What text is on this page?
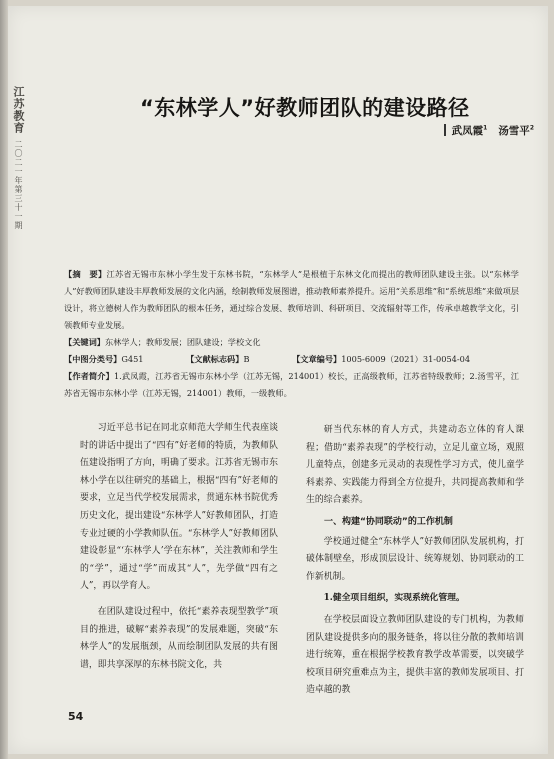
江苏教育
二〇二一年第三十一期
“东林学人”好教师团队的建设路径
武凤霞$^1$ 汤雪平$^2$

【摘　要】江苏省无锡市东林小学生发于东林书院，“东林学人”是根植于东林文化而提出的教师团队建设主张。以“东林学人”好教师团队建设丰厚教师发展的文化内涵，绘制教师发展图谱，推动教师素养提升。运用“关系思维”和“系统思维”来做项层设计，将立德树人作为教师团队的根本任务，通过综合发展、教师培训、科研项目、交流辐射等工作，传承卓越教学文化，引领教师专业发展。

【关键词】东林学人；教师发展；团队建设；学校文化

【中图分类号】G451	【文献标志码】B	【文章编号】1005-6009（2021）31-0054-04

【作者简介】1.武凤霞，江苏省无锡市东林小学（江苏无锡，214001）校长，正高级教师，江苏省特级教师；2.汤雪平，江苏省无锡市东林小学（江苏无锡，214001）教师，一级教师。

习近平总书记在同北京师范大学师生代表座谈时的讲话中提出了“四有”好老师的特质，为教师队伍建设指明了方向，明确了要求。江苏省无锡市东林小学在以往研究的基础上，根据“四有”好老师的要求，立足当代学校发展需求，贯通东林书院优秀历史文化，提出建设“东林学人”好教师团队，打造专业过硬的小学教师队伍。“东林学人”好教师团队建设彰显“‘东林学人’学在东林”，关注教师和学生的“学”，通过“学”而成其“人”，先学做“四有之人”，再以学育人。

在团队建设过程中，依托“素养表现型教学”项目的推进，破解“素养表现”的发展难题，突破“东林学人”的发展瓶颈，从而绘制团队发展的共有图谱，即共享深厚的东林书院文化，共

研当代东林的育人方式，共建动态立体的育人课程；借助“素养表现”的学校行动，立足儿童立场，观照儿童特点，创建多元灵动的表现性学习方式，使儿童学科素养、实践能力得到全方位提升，共同提高教师和学生的综合素养。

一、构建“协同联动”的工作机制

学校通过健全“东林学人”好教师团队发展机构，打破体制壁垒，形成顶层设计、统筹规划、协同联动的工作新机制。

1.健全项目组织，实现系统化管理。

在学校层面设立教师团队建设的专门机构，为教师团队建设提供多向的服务链条，将以往分散的教师培训进行统筹，重在根据学校教育教学改革需要，以突破学校项目研究重难点为主，提供丰富的教师发展项目、打造卓越的教

54
